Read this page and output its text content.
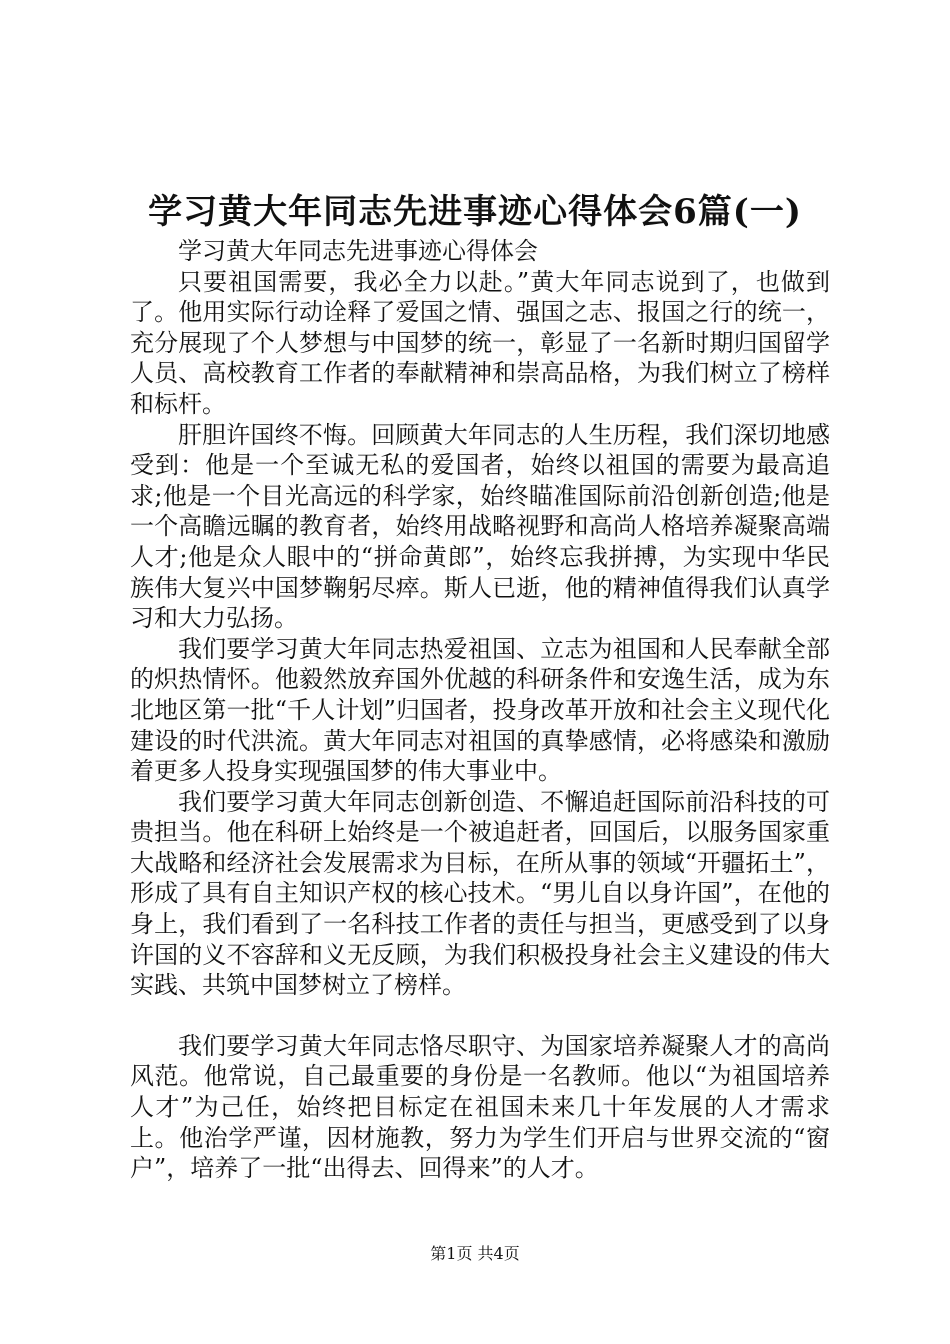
学习黄大年同志先进事迹心得体会6篇(一)

学习黄大年同志先进事迹心得体会

只要祖国需要，我必全力以赴。”黄大年同志说到了，也做到了。他用实际行动诠释了爱国之情、强国之志、报国之行的统一，充分展现了个人梦想与中国梦的统一，彰显了一名新时期归国留学人员、高校教育工作者的奉献精神和崇高品格，为我们树立了榜样和标杆。

肝胆许国终不悔。回顾黄大年同志的人生历程，我们深切地感受到：他是一个至诚无私的爱国者，始终以祖国的需要为最高追求;他是一个目光高远的科学家，始终瞄准国际前沿创新创造;他是一个高瞻远瞩的教育者，始终用战略视野和高尚人格培养凝聚高端人才;他是众人眼中的“拼命黄郎”，始终忘我拼搏，为实现中华民族伟大复兴中国梦鞠躬尽瘁。斯人已逝，他的精神值得我们认真学习和大力弘扬。

我们要学习黄大年同志热爱祖国、立志为祖国和人民奉献全部的炽热情怀。他毅然放弃国外优越的科研条件和安逸生活，成为东北地区第一批“千人计划”归国者，投身改革开放和社会主义现代化建设的时代洪流。黄大年同志对祖国的真挚感情，必将感染和激励着更多人投身实现强国梦的伟大事业中。

我们要学习黄大年同志创新创造、不懈追赶国际前沿科技的可贵担当。他在科研上始终是一个被追赶者，回国后，以服务国家重大战略和经济社会发展需求为目标，在所从事的领域“开疆拓土”，形成了具有自主知识产权的核心技术。“男儿自以身许国”，在他的身上，我们看到了一名科技工作者的责任与担当，更感受到了以身许国的义不容辞和义无反顾，为我们积极投身社会主义建设的伟大实践、共筑中国梦树立了榜样。

我们要学习黄大年同志恪尽职守、为国家培养凝聚人才的高尚风范。他常说，自己最重要的身份是一名教师。他以“为祖国培养人才”为己任，始终把目标定在祖国未来几十年发展的人才需求上。他治学严谨，因材施教，努力为学生们开启与世界交流的“窗户”，培养了一批“出得去、回得来”的人才。

第1页 共4页
